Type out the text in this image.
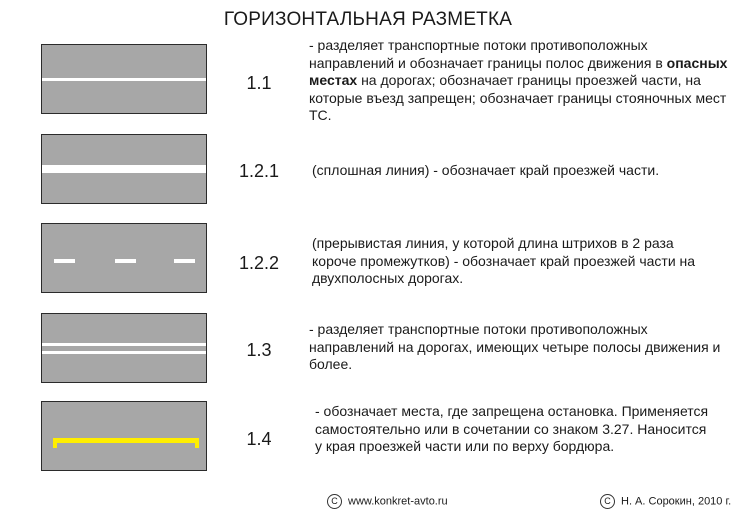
ГОРИЗОНТАЛЬНАЯ РАЗМЕТКА
1.1
- разделяет транспортные потоки противоположных направлений и обозначает границы полос движения в опасных местах на дорогах; обозначает границы проезжей части, на которые въезд запрещен; обозначает границы стояночных мест ТС.
1.2.1	(сплошная линия) - обозначает край проезжей части.
1.2.2
(прерывистая линия, у которой длина штрихов в 2 раза короче промежутков) - обозначает край проезжей части на двухполосных дорогах.
1.3
- разделяет транспортные потоки противоположных направлений на дорогах, имеющих четыре полосы движения и более.
1.4
- обозначает места, где запрещена остановка. Применяется самостоятельно или в сочетании со знаком 3.27. Наносится у края проезжей части или по верху бордюра.
C www.konkret-avto.ru	C Н. А. Сорокин, 2010 г.
